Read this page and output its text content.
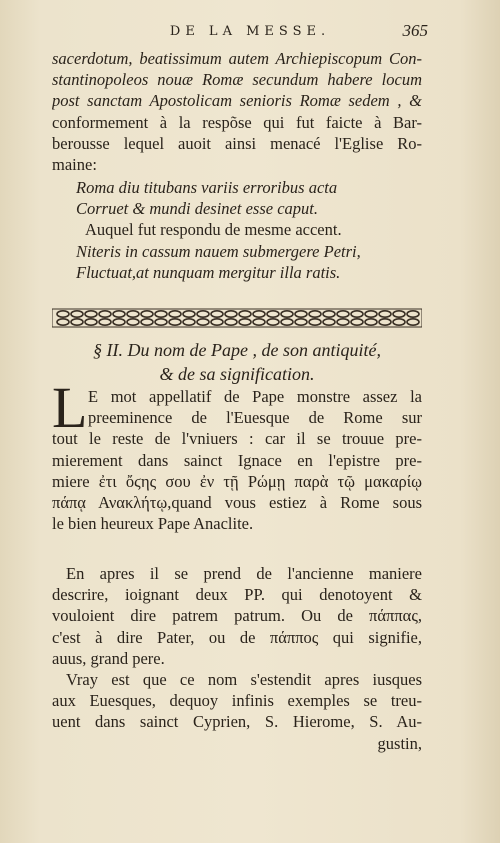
DE LA MESSE.	365
sacerdotum, beatissimum autem Archiepiscopum Con-
stantinopoleos nouæ Romæ secundum habere locum
post sanctam Apostolicam senioris Romæ sedem , &
conformement à la respõse qui fut faicte à Bar-
berousse lequel auoit ainsi menacé l'Eglise Ro-
maine:
Roma diu titubans variis erroribus acta
Corruet & mundi desinet esse caput.
Auquel fut respondu de mesme accent.
Niteris in cassum nauem submergere Petri,
Fluctuat,at nunquam mergitur illa ratis.
§ II. Du nom de Pape , de son antiquité,
& de sa signification.
L E mot appellatif de Pape monstre assez la
preeminence de l'Euesque de Rome sur
tout le reste de l'vniuers : car il se trouue pre-
mierement dans sainct Ignace en l'epistre pre-
miere ἐτι ὄϛης σου ἐν τῇ Ρώμῃ παρὰ τῷ μακαρίῳ
πάπᾳ Ανακλήτῳ,quand vous estiez à Rome sous
le bien heureux Pape Anaclite.
En apres il se prend de l'ancienne maniere
descrire, ioignant deux PP. qui denotoyent &
vouloient dire patrem patrum. Ou de πάππας,
c'est à dire Pater, ou de πάππος qui signifie,
auus, grand pere.
Vray est que ce nom s'estendit apres iusques
aux Euesques, dequoy infinis exemples se treu-
uent dans sainct Cyprien, S. Hierome, S. Au-
gustin,
